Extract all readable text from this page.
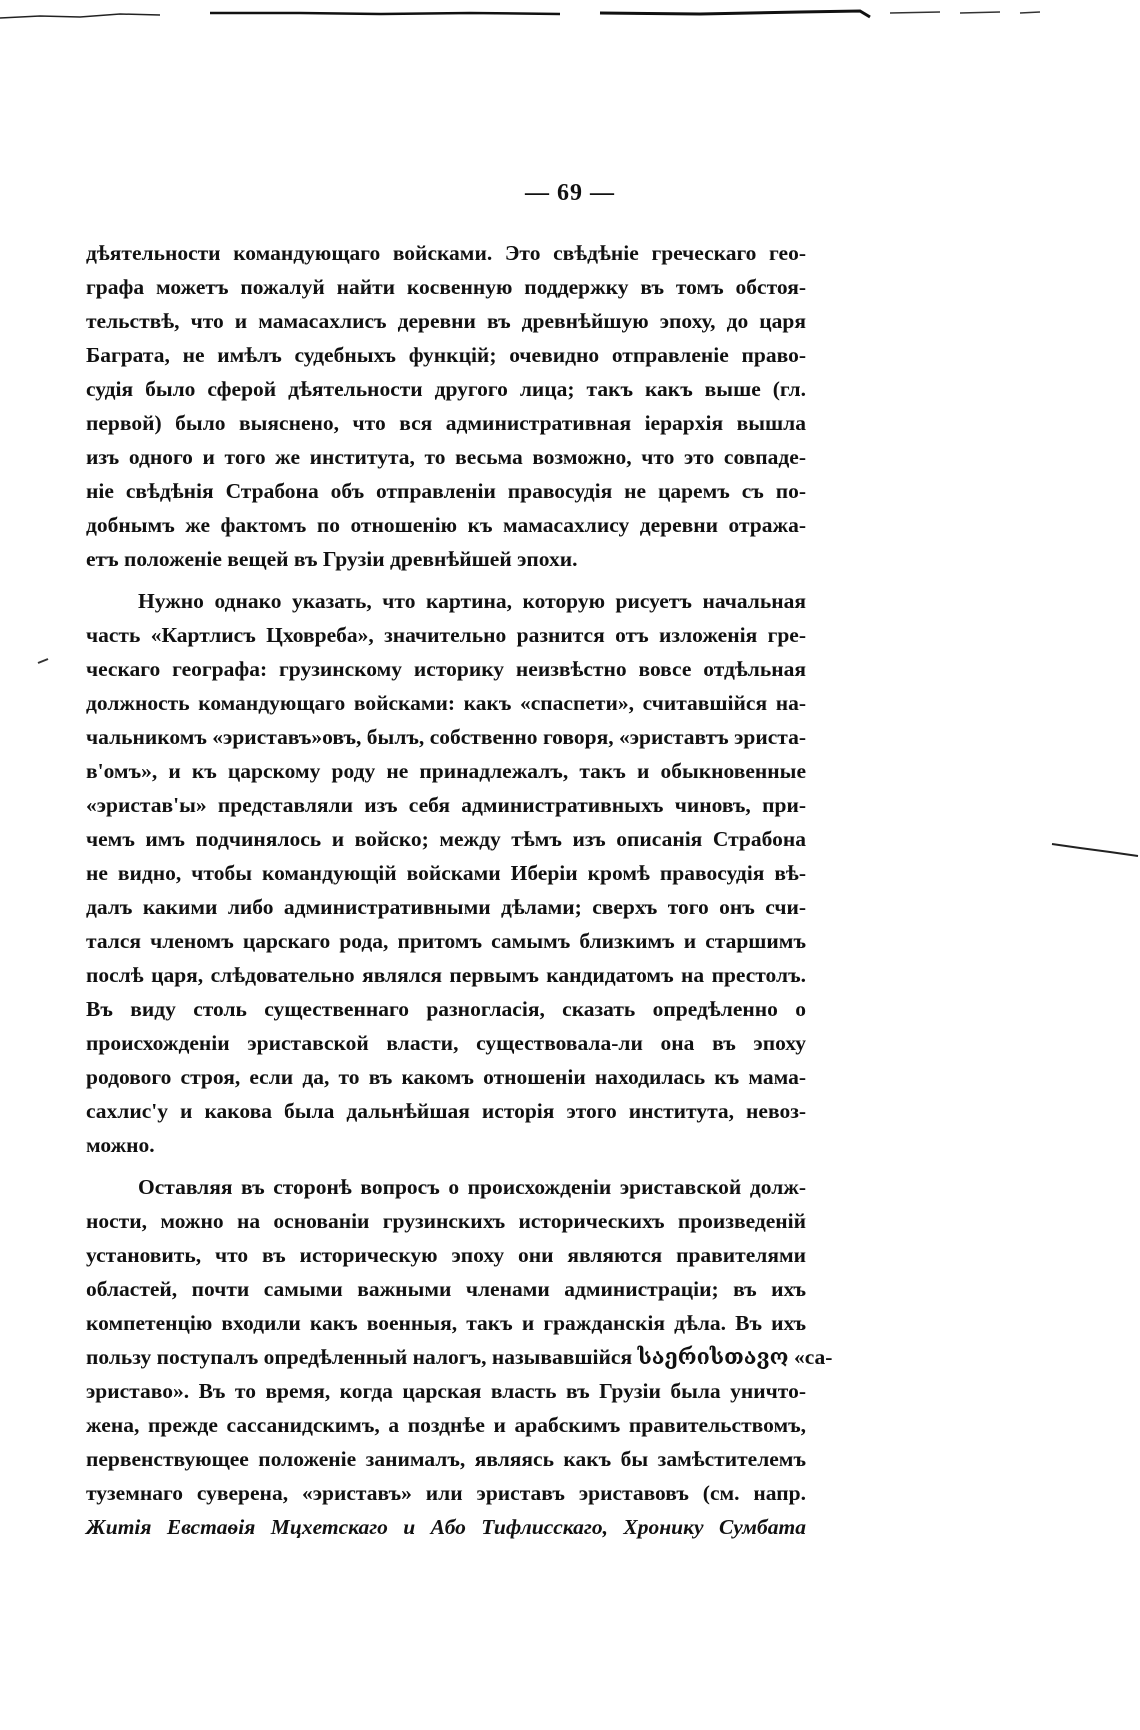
— 69 —
дѣятельности командующаго войсками. Это свѣдѣніе греческаго гео-
графа можетъ пожалуй найти косвенную поддержку въ томъ обстоя-
тельствѣ, что и мамасахлисъ деревни въ древнѣйшую эпоху, до царя
Баграта, не имѣлъ судебныхъ функцій; очевидно отправленіе право-
судія было сферой дѣятельности другого лица; такъ какъ выше (гл.
первой) было выяснено, что вся административная іерархія вышла
изъ одного и того же института, то весьма возможно, что это совпаде-
ніе свѣдѣнія Страбона объ отправленіи правосудія не царемъ съ по-
добнымъ же фактомъ по отношенію къ мамасахлису деревни отража-
етъ положеніе вещей въ Грузіи древнѣйшей эпохи.
Нужно однако указать, что картина, которую рисуетъ начальная
часть «Картлисъ Цховреба», значительно разнится отъ изложенія гре-
ческаго географа: грузинскому историку неизвѣстно вовсе отдѣльная
должность командующаго войсками: какъ «спаспети», считавшійся на-
чальникомъ «эриставъ»овъ, былъ, собственно говоря, «эриставтъ эриста-
в'омъ», и къ царскому роду не принадлежалъ, такъ и обыкновенные
«эристав'ы» представляли изъ себя административныхъ чиновъ, при-
чемъ имъ подчинялось и войско; между тѣмъ изъ описанія Страбона
не видно, чтобы командующій войсками Иберіи кромѣ правосудія вѣ-
далъ какими либо административными дѣлами; сверхъ того онъ счи-
тался членомъ царскаго рода, притомъ самымъ близкимъ и старшимъ
послѣ царя, слѣдовательно являлся первымъ кандидатомъ на престолъ.
Въ виду столь существеннаго разногласія, сказать опредѣленно о
происхожденіи эриставской власти, существовала-ли она въ эпоху
родового строя, если да, то въ какомъ отношеніи находилась къ мама-
сахлис'у и какова была дальнѣйшая исторія этого института, невоз-
можно.
Оставляя въ сторонѣ вопросъ о происхожденіи эриставской долж-
ности, можно на основаніи грузинскихъ историческихъ произведеній
установить, что въ историческую эпоху они являются правителями
областей, почти самыми важными членами администраціи; въ ихъ
компетенцію входили какъ военныя, такъ и гражданскія дѣла. Въ ихъ
пользу поступалъ опредѣленный налогъ, называвшійся საერისთავო «са-
эриставо». Въ то время, когда царская власть въ Грузіи была уничто-
жена, прежде сассанидскимъ, а позднѣе и арабскимъ правительствомъ,
первенствующее положеніе занималъ, являясь какъ бы замѣстителемъ
туземнаго суверена, «эриставъ» или эриставъ эриставовъ (см. напр.
Житія Евстаѳія Мцхетскаго и Або Тифлисскаго, Хронику Сумбата
